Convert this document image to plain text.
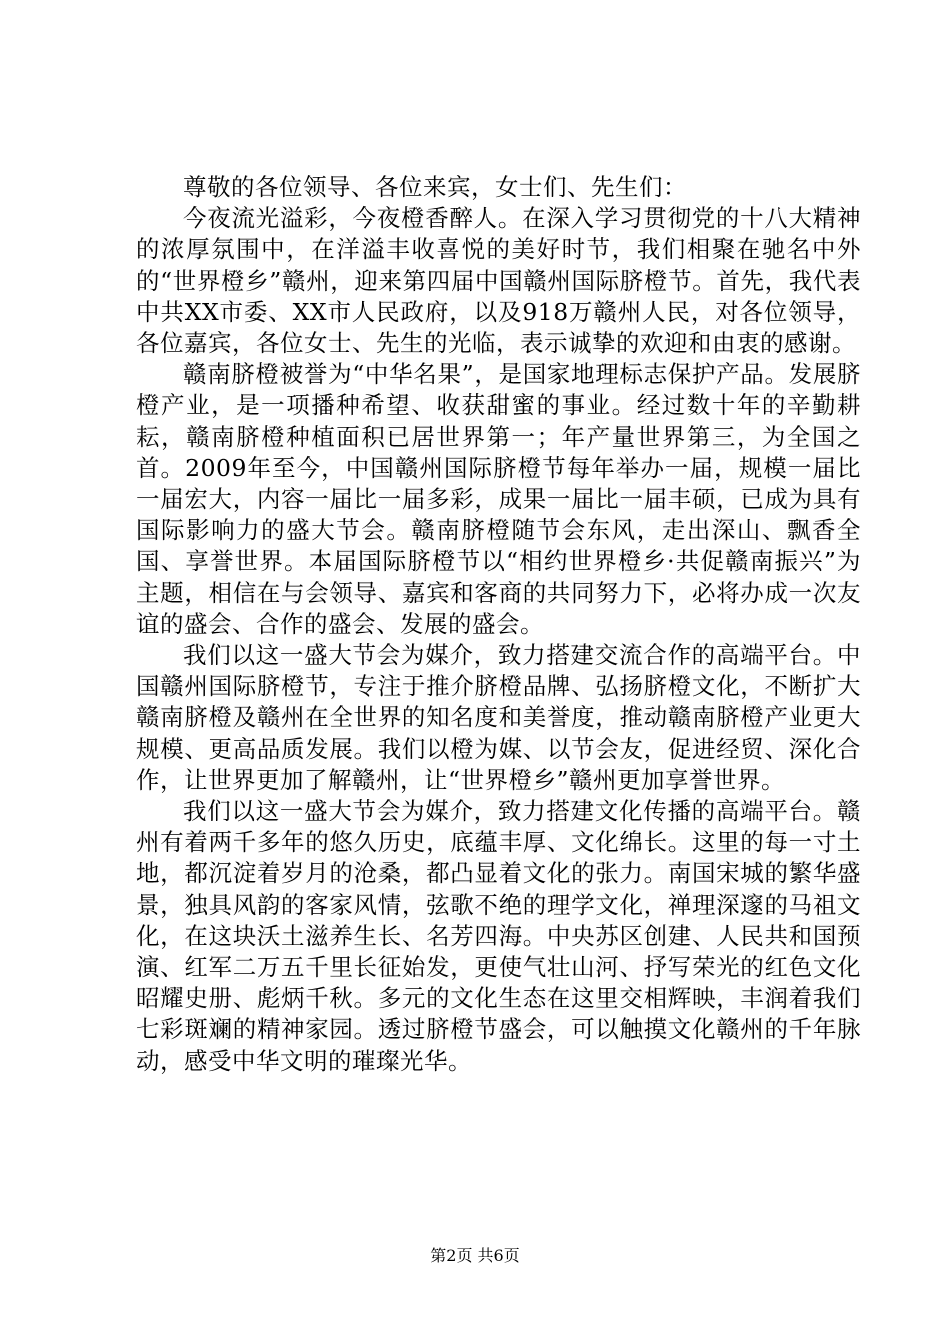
尊敬的各位领导、各位来宾，女士们、先生们：

今夜流光溢彩，今夜橙香醉人。在深入学习贯彻党的十八大精神的浓厚氛围中，在洋溢丰收喜悦的美好时节，我们相聚在驰名中外的“世界橙乡”赣州，迎来第四届中国赣州国际脐橙节。首先，我代表中共XX市委、XX市人民政府，以及918万赣州人民，对各位领导，各位嘉宾，各位女士、先生的光临，表示诚挚的欢迎和由衷的感谢。

赣南脐橙被誉为“中华名果”，是国家地理标志保护产品。发展脐橙产业，是一项播种希望、收获甜蜜的事业。经过数十年的辛勤耕耘，赣南脐橙种植面积已居世界第一；年产量世界第三，为全国之首。2009年至今，中国赣州国际脐橙节每年举办一届，规模一届比一届宏大，内容一届比一届多彩，成果一届比一届丰硕，已成为具有国际影响力的盛大节会。赣南脐橙随节会东风，走出深山、飘香全国、享誉世界。本届国际脐橙节以“相约世界橙乡·共促赣南振兴”为主题，相信在与会领导、嘉宾和客商的共同努力下，必将办成一次友谊的盛会、合作的盛会、发展的盛会。

我们以这一盛大节会为媒介，致力搭建交流合作的高端平台。中国赣州国际脐橙节，专注于推介脐橙品牌、弘扬脐橙文化，不断扩大赣南脐橙及赣州在全世界的知名度和美誉度，推动赣南脐橙产业更大规模、更高品质发展。我们以橙为媒、以节会友，促进经贸、深化合作，让世界更加了解赣州，让“世界橙乡”赣州更加享誉世界。

我们以这一盛大节会为媒介，致力搭建文化传播的高端平台。赣州有着两千多年的悠久历史，底蕴丰厚、文化绵长。这里的每一寸土地，都沉淀着岁月的沧桑，都凸显着文化的张力。南国宋城的繁华盛景，独具风韵的客家风情，弦歌不绝的理学文化，禅理深邃的马祖文化，在这块沃土滋养生长、名芳四海。中央苏区创建、人民共和国预演、红军二万五千里长征始发，更使气壮山河、抒写荣光的红色文化昭耀史册、彪炳千秋。多元的文化生态在这里交相辉映，丰润着我们七彩斑斓的精神家园。透过脐橙节盛会，可以触摸文化赣州的千年脉动，感受中华文明的璀璨光华。

第2页 共6页
